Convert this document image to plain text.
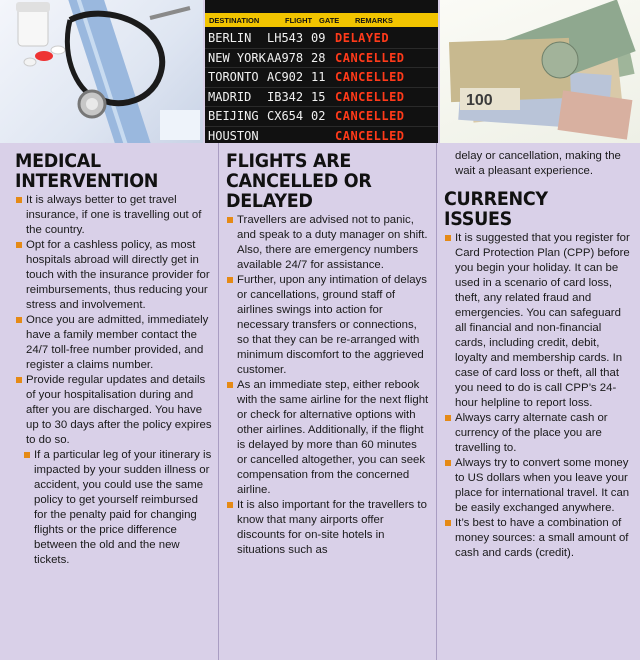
DESTINATION	FLIGHT GATE REMARKS
BERLIN LH543 09 DELAYED
NEW YORK AA978 28 CANCELLED
TORONTO AC902 11 CANCELLED
MADRID IB342 15 CANCELLED
BEIJING CX654 02 CANCELLED
HOUSTON	CANCELLED
100
MEDICAL
INTERVENTION
It is always better to get travel insurance, if one is travelling out of the country.
Opt for a cashless policy, as most hospitals abroad will directly get in touch with the insurance provider for reimbursements, thus reducing your stress and involvement.
Once you are admitted, immediately have a family member contact the 24/7 toll-free number provided, and register a claims number.
Provide regular updates and details of your hospitalisation during and after you are discharged. You have up to 30 days after the policy expires to do so.
If a particular leg of your itinerary is impacted by your sudden illness or accident, you could use the same policy to get yourself reimbursed for the penalty paid for changing flights or the price difference between the old and the new tickets.
FLIGHTS ARE
CANCELLED OR
DELAYED
Travellers are advised not to panic, and speak to a duty manager on shift. Also, there are emergency numbers available 24/7 for assistance.
Further, upon any intimation of delays or cancellations, ground staff of airlines swings into action for necessary transfers or connections, so that they can be re-arranged with minimum discomfort to the aggrieved customer.
As an immediate step, either rebook with the same airline for the next flight or check for alternative options with other airlines. Additionally, if the flight is delayed by more than 60 minutes or cancelled altogether, you can seek compensation from the concerned airline.
It is also important for the travellers to know that many airports offer discounts for on-site hotels in situations such as
delay or cancellation, making the wait a pleasant experience.
CURRENCY ISSUES
It is suggested that you register for Card Protection Plan (CPP) before you begin your holiday. It can be used in a scenario of card loss, theft, any related fraud and emergencies. You can safeguard all financial and non-financial cards, including credit, debit, loyalty and membership cards. In case of card loss or theft, all that you need to do is call CPP’s 24-hour helpline to report loss.
Always carry alternate cash or currency of the place you are travelling to.
Always try to convert some money to US dollars when you leave your place for international travel. It can be easily exchanged anywhere.
It’s best to have a combination of money sources: a small amount of cash and cards (credit).
